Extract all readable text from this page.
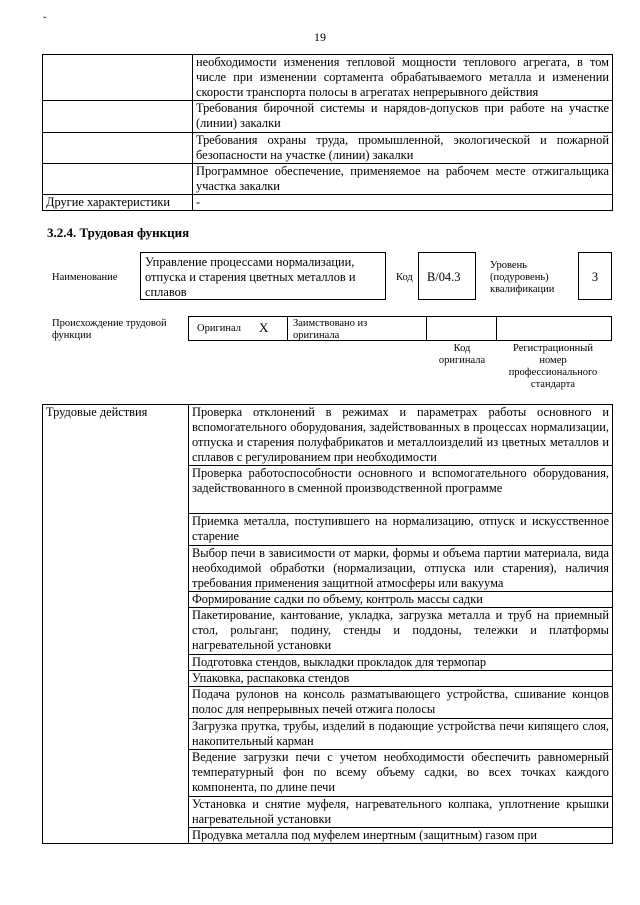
ˇ
19
	необходимости изменения тепловой мощности теплового агрегата, в том числе при изменении сортамента обрабатываемого металла и изменении скорости транспорта полосы в агрегатах непрерывного действия
	Требования бирочной системы и нарядов-допусков при работе на участке (линии) закалки
	Требования охраны труда, промышленной, экологической и пожарной безопасности на участке (линии) закалки
	Программное обеспечение, применяемое на рабочем месте отжигальщика участка закалки
Другие характеристики	-
3.2.4. Трудовая функция
Наименование
Управление процессами нормализации, отпуска и старения цветных металлов и сплавов
Код	B/04.3
Уровень (подуровень) квалификации
3
Происхождение трудовой функции
Оригинал X Заимствовано из оригинала
Код оригинала
Регистрационный номер профессионального стандарта
Трудовые действия	Проверка отклонений в режимах и параметрах работы основного и вспомогательного оборудования, задействованных в процессах нормализации, отпуска и старения полуфабрикатов и металлоизделий из цветных металлов и сплавов с регулированием при необходимости
Проверка работоспособности основного и вспомогательного оборудования, задействованного в сменной производственной программе
Приемка металла, поступившего на нормализацию, отпуск и искусственное старение
Выбор печи в зависимости от марки, формы и объема партии материала, вида необходимой обработки (нормализации, отпуска или старения), наличия требования применения защитной атмосферы или вакуума
Формирование садки по объему, контроль массы садки
Пакетирование, кантование, укладка, загрузка металла и труб на приемный стол, рольганг, подину, стенды и поддоны, тележки и платформы нагревательной установки
Подготовка стендов, выкладки прокладок для термопар
Упаковка, распаковка стендов
Подача рулонов на консоль разматывающего устройства, сшивание концов полос для непрерывных печей отжига полосы
Загрузка прутка, трубы, изделий в подающие устройства печи кипящего слоя, накопительный карман
Ведение загрузки печи с учетом необходимости обеспечить равномерный температурный фон по всему объему садки, во всех точках каждого компонента, по длине печи
Установка и снятие муфеля, нагревательного колпака, уплотнение крышки нагревательной установки
Продувка металла под муфелем инертным (защитным) газом при
